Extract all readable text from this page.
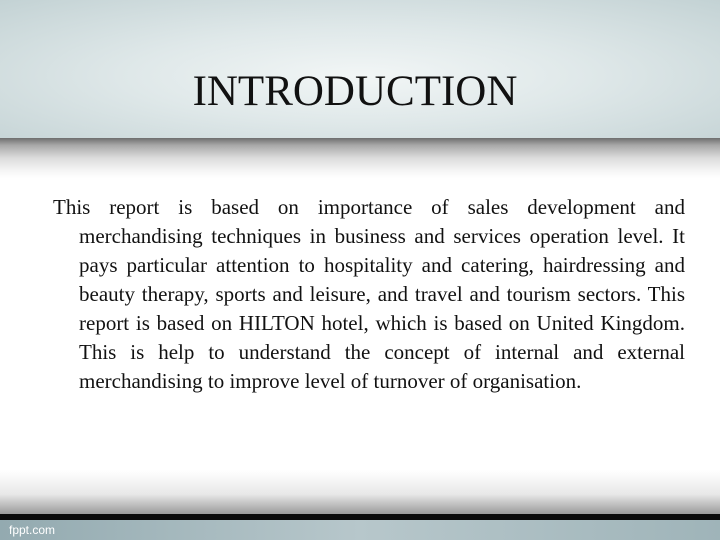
INTRODUCTION

This report is based on importance of sales development and merchandising techniques in business and services operation level. It pays particular attention to hospitality and catering, hairdressing and beauty therapy, sports and leisure, and travel and tourism sectors. This report is based on HILTON hotel, which is based on United Kingdom. This is help to understand the concept of internal and external merchandising to improve level of turnover of organisation.

fppt.com
